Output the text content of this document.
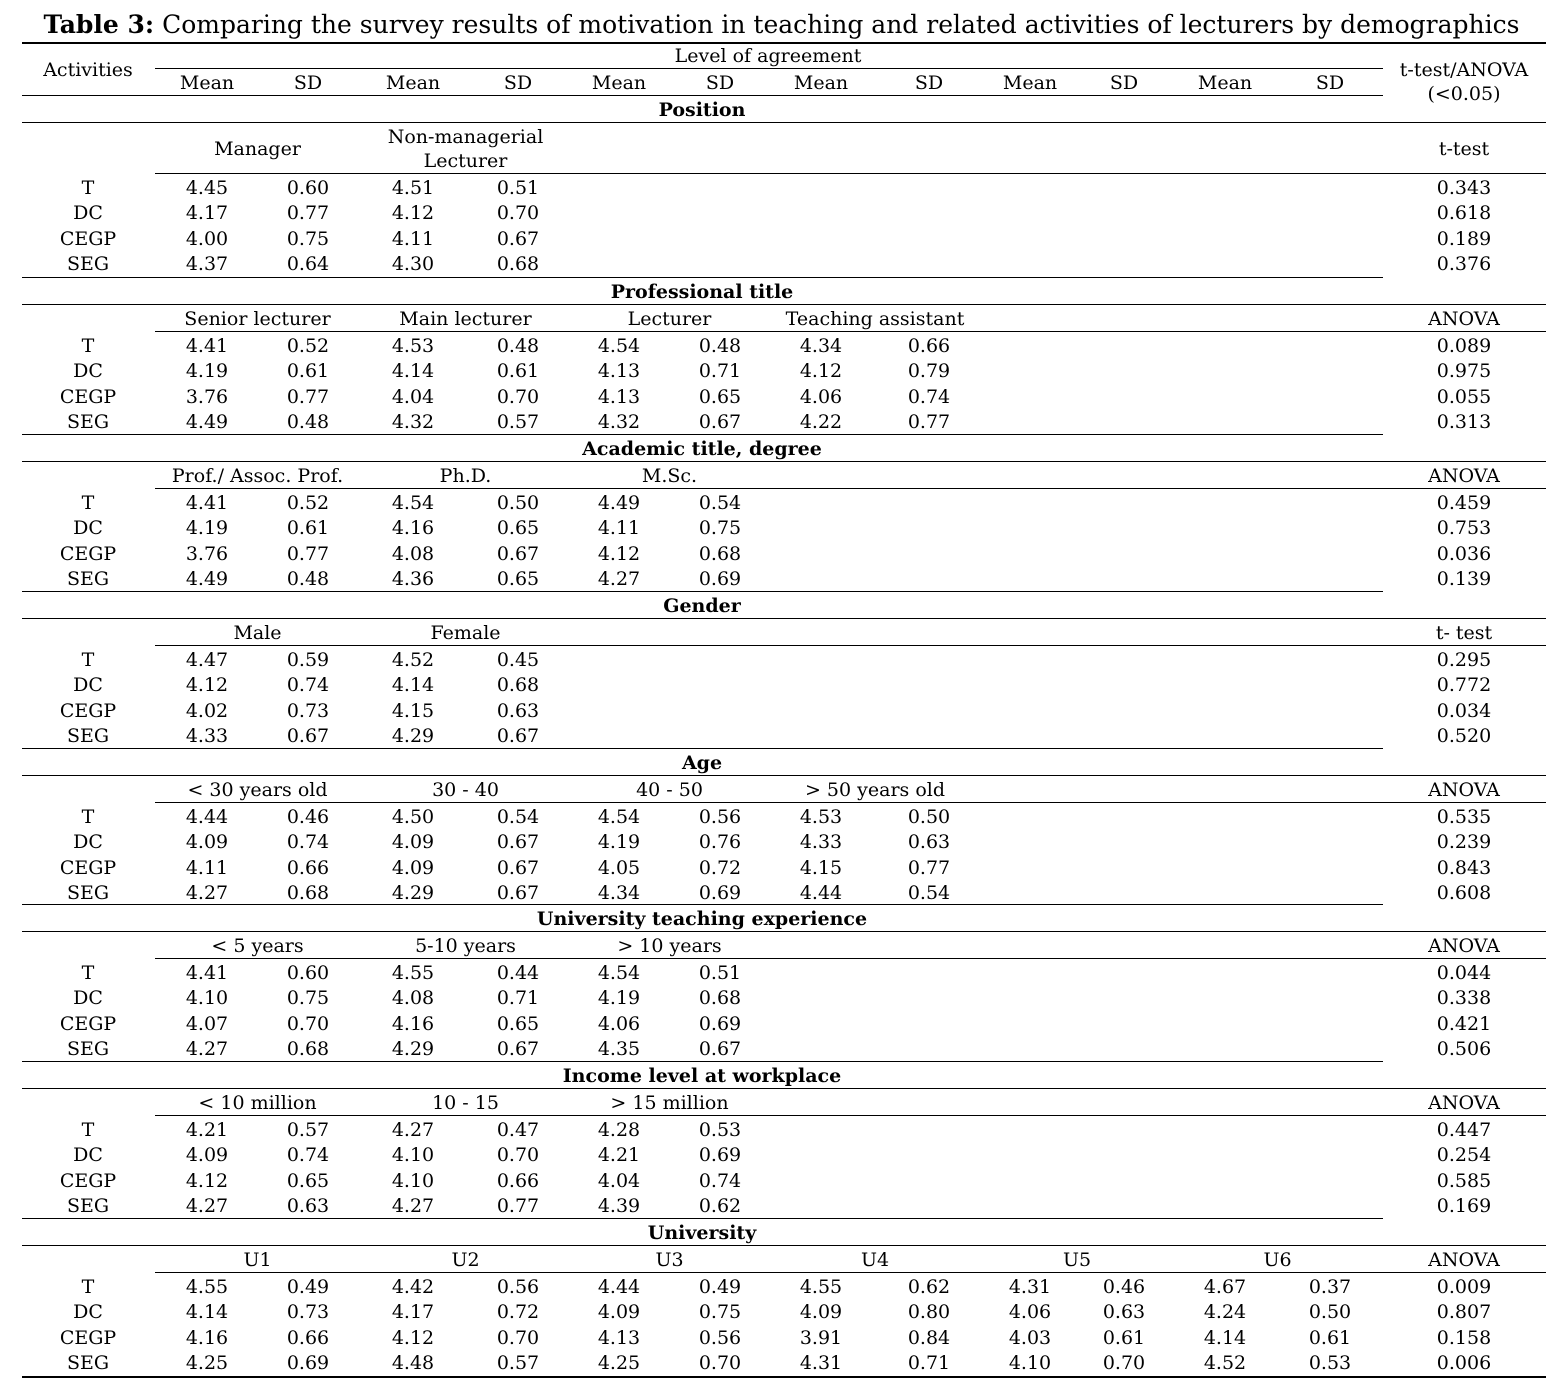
Table 3: Comparing the survey results of motivation in teaching and related activities of lecturers by demographics
Activities
Level of agreement
Mean	SD	Mean	SD	Mean	SD	Mean	SD	Mean	SD	Mean	SD
t-test/ANOVA (<0.05)
Position
Manager
Non-managerial Lecturer
t-test
T	4.45	0.60	4.51	0.51	0.343
DC	4.17	0.77	4.12	0.70	0.618
CEGP	4.00	0.75	4.11	0.67	0.189
SEG	4.37	0.64	4.30	0.68	0.376
Professional title
Senior lecturer	Main lecturer	Lecturer	Teaching assistant	ANOVA
T	4.41	0.52	4.53	0.48	4.54	0.48	4.34	0.66	0.089
DC	4.19	0.61	4.14	0.61	4.13	0.71	4.12	0.79	0.975
CEGP	3.76	0.77	4.04	0.70	4.13	0.65	4.06	0.74	0.055
SEG	4.49	0.48	4.32	0.57	4.32	0.67	4.22	0.77	0.313
Academic title, degree
Prof./ Assoc. Prof.	Ph.D.	M.Sc.	ANOVA
T	4.41	0.52	4.54	0.50	4.49	0.54	0.459
DC	4.19	0.61	4.16	0.65	4.11	0.75	0.753
CEGP	3.76	0.77	4.08	0.67	4.12	0.68	0.036
SEG	4.49	0.48	4.36	0.65	4.27	0.69	0.139
Gender
Male	Female	t- test
T	4.47	0.59	4.52	0.45	0.295
DC	4.12	0.74	4.14	0.68	0.772
CEGP	4.02	0.73	4.15	0.63	0.034
SEG	4.33	0.67	4.29	0.67	0.520
Age
< 30 years old	30 - 40	40 - 50	> 50 years old	ANOVA
T	4.44	0.46	4.50	0.54	4.54	0.56	4.53	0.50	0.535
DC	4.09	0.74	4.09	0.67	4.19	0.76	4.33	0.63	0.239
CEGP	4.11	0.66	4.09	0.67	4.05	0.72	4.15	0.77	0.843
SEG	4.27	0.68	4.29	0.67	4.34	0.69	4.44	0.54	0.608
University teaching experience
< 5 years	5-10 years	> 10 years	ANOVA
T	4.41	0.60	4.55	0.44	4.54	0.51	0.044
DC	4.10	0.75	4.08	0.71	4.19	0.68	0.338
CEGP	4.07	0.70	4.16	0.65	4.06	0.69	0.421
SEG	4.27	0.68	4.29	0.67	4.35	0.67	0.506
Income level at workplace
< 10 million	10 - 15	> 15 million	ANOVA
T	4.21	0.57	4.27	0.47	4.28	0.53	0.447
DC	4.09	0.74	4.10	0.70	4.21	0.69	0.254
CEGP	4.12	0.65	4.10	0.66	4.04	0.74	0.585
SEG	4.27	0.63	4.27	0.77	4.39	0.62	0.169
University
U1	U2	U3	U4	U5	U6	ANOVA
T	4.55	0.49	4.42	0.56	4.44	0.49	4.55	0.62	4.31	0.46	4.67	0.37	0.009
DC	4.14	0.73	4.17	0.72	4.09	0.75	4.09	0.80	4.06	0.63	4.24	0.50	0.807
CEGP	4.16	0.66	4.12	0.70	4.13	0.56	3.91	0.84	4.03	0.61	4.14	0.61	0.158
SEG	4.25	0.69	4.48	0.57	4.25	0.70	4.31	0.71	4.10	0.70	4.52	0.53	0.006
